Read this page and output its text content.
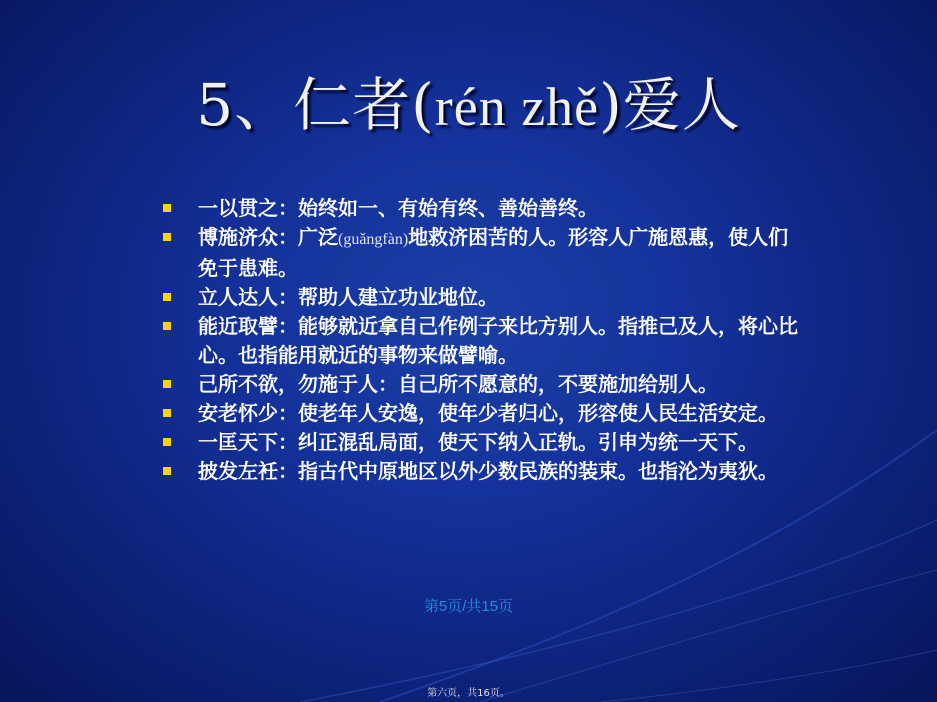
5、仁者(rén zhě)爱人
一以贯之：始终如一、有始有终、善始善终。
博施济众：广泛(guǎngfàn)地救济困苦的人。形容人广施恩惠，使人们免于患难。
立人达人：帮助人建立功业地位。
能近取譬：能够就近拿自己作例子来比方别人。指推己及人，将心比心。也指能用就近的事物来做譬喻。
己所不欲，勿施于人：自己所不愿意的，不要施加给别人。
安老怀少：使老年人安逸，使年少者归心，形容使人民生活安定。
一匡天下：纠正混乱局面，使天下纳入正轨。引申为统一天下。
披发左衽：指古代中原地区以外少数民族的装束。也指沦为夷狄。
第5页/共15页
第六页，共16页。
